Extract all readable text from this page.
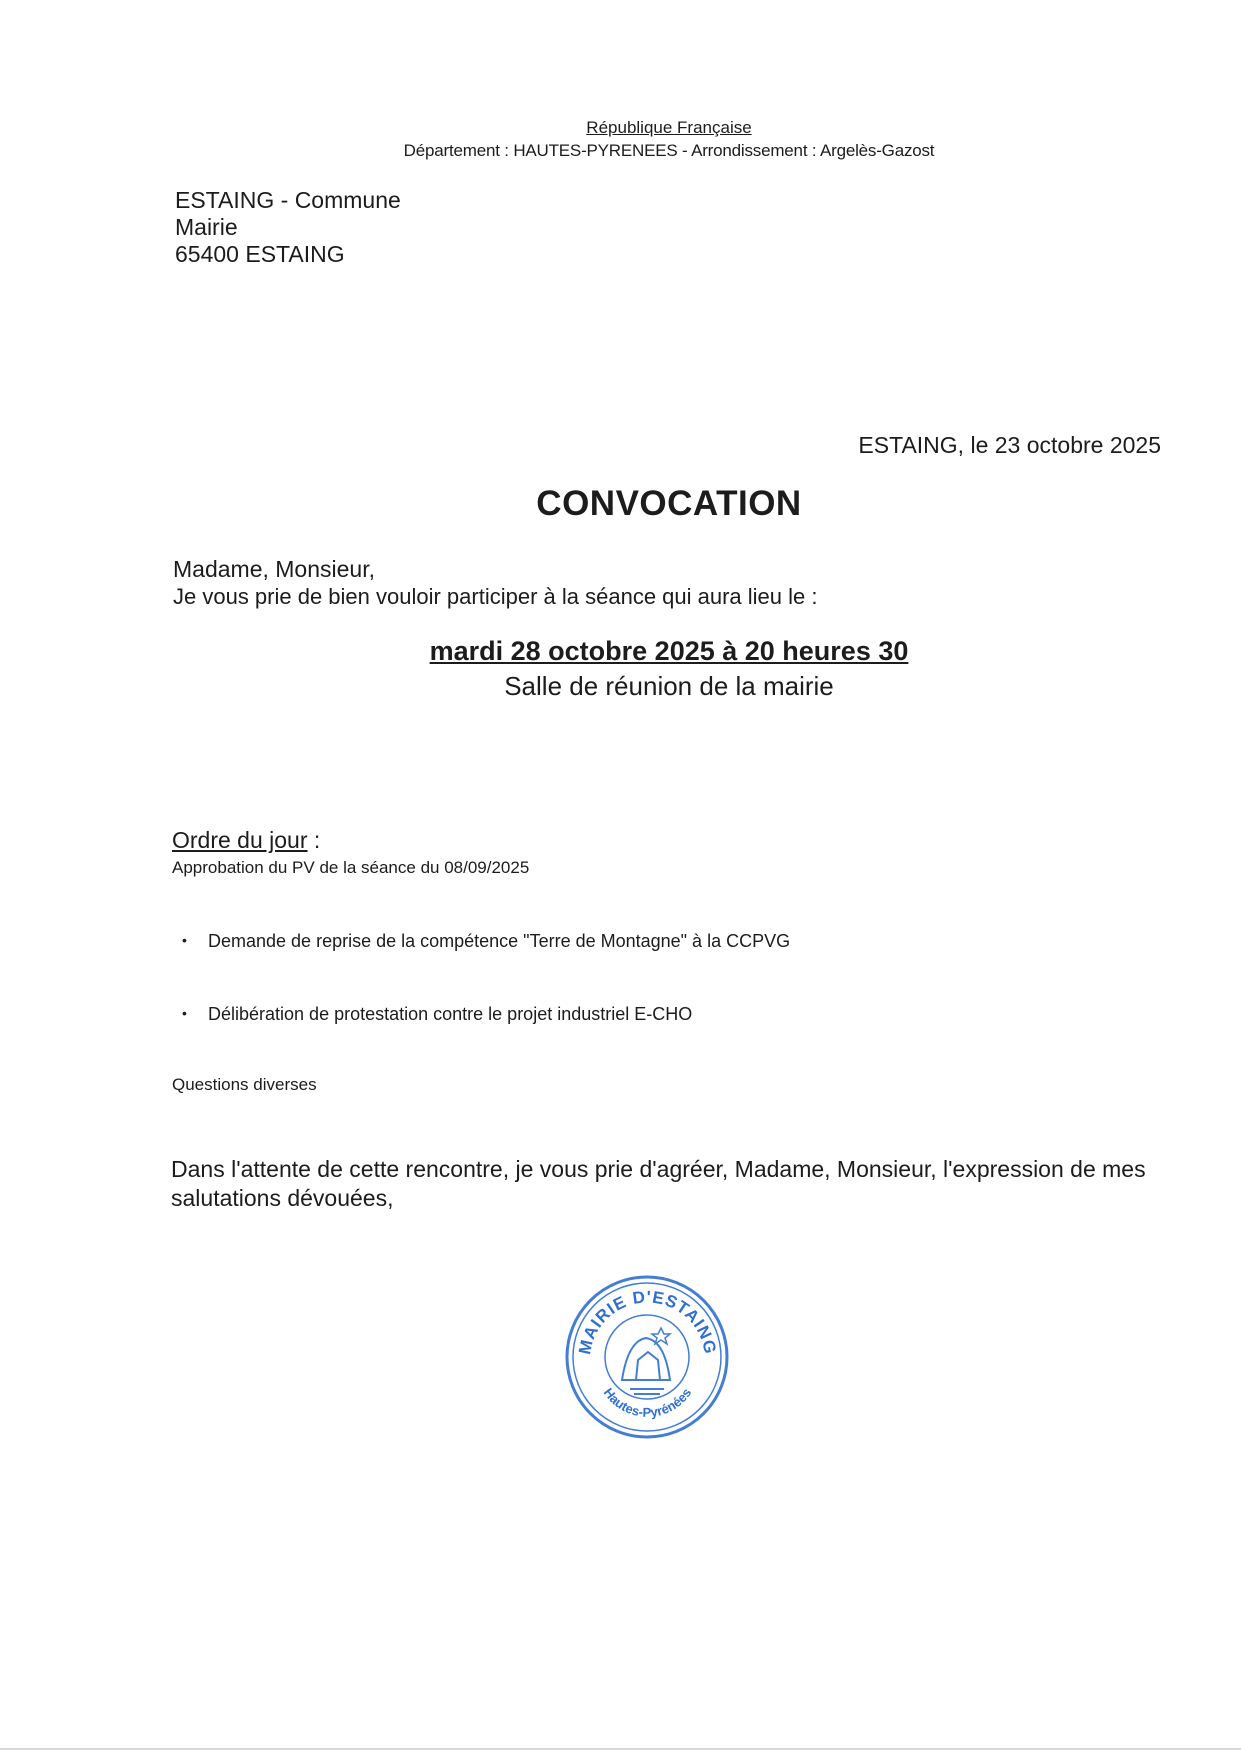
République Française
Département : HAUTES-PYRENEES - Arrondissement : Argelès-Gazost
ESTAING - Commune
Mairie
65400 ESTAING
ESTAING, le 23 octobre 2025
CONVOCATION
Madame, Monsieur,
Je vous prie de bien vouloir participer à la séance qui aura lieu le :
mardi 28 octobre 2025 à 20 heures 30
Salle de réunion de la mairie
Ordre du jour :
Approbation du PV de la séance du 08/09/2025
• Demande de reprise de la compétence "Terre de Montagne" à la CCPVG
• Délibération de protestation contre le projet industriel E-CHO
Questions diverses
Dans l'attente de cette rencontre, je vous prie d'agréer, Madame, Monsieur, l'expression de mes
salutations dévouées,
MAIRIE D'ESTAING
Hautes-Pyrénées
